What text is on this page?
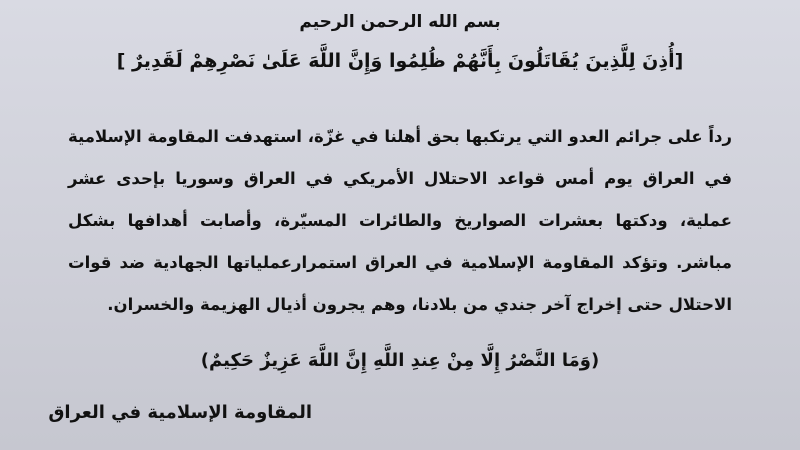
بسم الله الرحمن الرحيم
[أُذِنَ لِلَّذِينَ يُقَاتَلُونَ بِأَنَّهُمْ ظُلِمُوا وَإِنَّ اللَّهَ عَلَىٰ نَصْرِهِمْ لَقَدِيرٌ ]
رداً على جرائم العدو التي يرتكبها بحق أهلنا في غزّة، استهدفت المقاومة الإسلامية في العراق يوم أمس قواعد الاحتلال الأمريكي في العراق وسوريا بإحدى عشر عملية، ودكتها بعشرات الصواريخ والطائرات المسيّرة، وأصابت أهدافها بشكل مباشر. وتؤكد المقاومة الإسلامية في العراق استمرارعملياتها الجهادية ضد قوات الاحتلال حتى إخراج آخر جندي من بلادنا، وهم يجرون أذيال الهزيمة والخسران.
(وَمَا النَّصْرُ إِلَّا مِنْ عِندِ اللَّهِ إِنَّ اللَّهَ عَزِيزٌ حَكِيمٌ)
المقاومة الإسلامية في العراق
